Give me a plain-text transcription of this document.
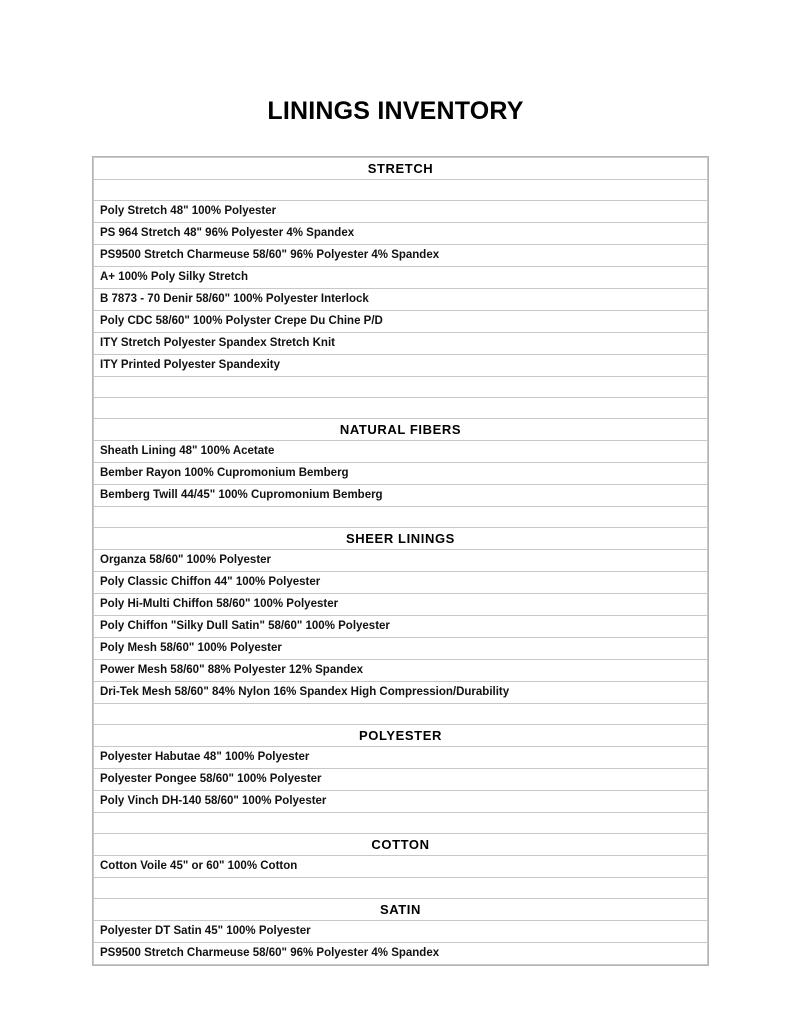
LININGS INVENTORY
STRETCH

Poly Stretch 48" 100% Polyester
PS 964 Stretch 48" 96% Polyester 4% Spandex
PS9500 Stretch Charmeuse 58/60" 96% Polyester 4% Spandex
A+ 100% Poly Silky Stretch
B 7873 - 70 Denir 58/60" 100% Polyester Interlock
Poly CDC 58/60" 100% Polyster Crepe Du Chine P/D
ITY Stretch Polyester Spandex Stretch Knit
ITY Printed Polyester Spandexity

NATURAL FIBERS
Sheath Lining 48" 100% Acetate
Bember Rayon 100% Cupromonium Bemberg
Bemberg Twill 44/45" 100% Cupromonium Bemberg

SHEER LININGS
Organza 58/60" 100% Polyester
Poly Classic Chiffon 44" 100% Polyester
Poly Hi-Multi Chiffon 58/60" 100% Polyester
Poly Chiffon "Silky Dull Satin" 58/60" 100% Polyester
Poly Mesh 58/60" 100% Polyester
Power Mesh 58/60" 88% Polyester 12% Spandex
Dri-Tek Mesh 58/60" 84% Nylon 16% Spandex High Compression/Durability

POLYESTER
Polyester Habutae 48" 100% Polyester
Polyester Pongee 58/60" 100% Polyester
Poly Vinch DH-140 58/60" 100% Polyester

COTTON
Cotton Voile 45" or 60" 100% Cotton

SATIN
Polyester DT Satin 45" 100% Polyester
PS9500 Stretch Charmeuse 58/60" 96% Polyester 4% Spandex
